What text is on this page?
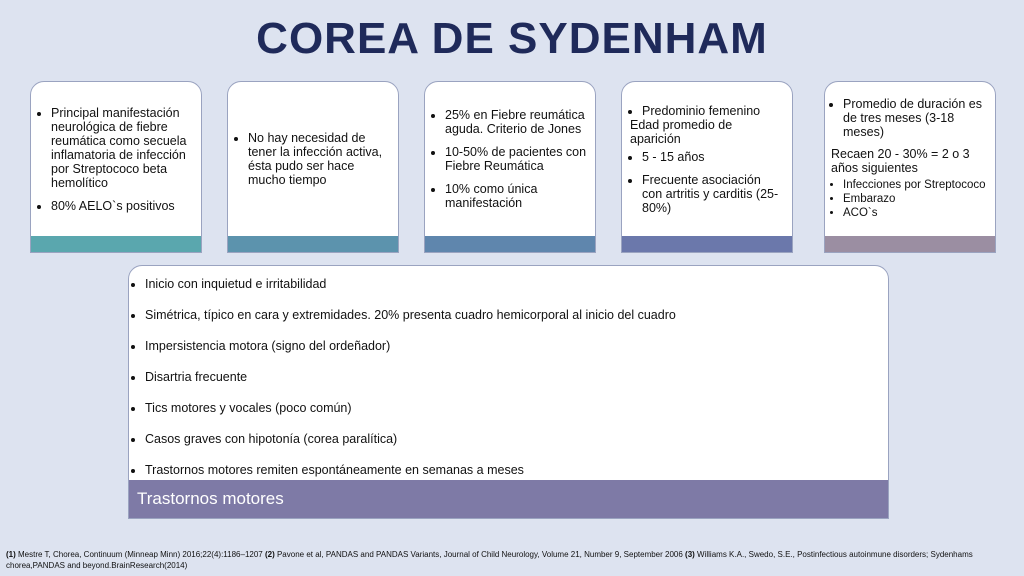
COREA DE SYDENHAM
• Principal manifestación neurológica de fiebre reumática como secuela inflamatoria de infección por Streptococo beta hemolítico
• 80% AELO`s positivos
• No hay necesidad de tener la infección activa, ésta pudo ser hace mucho tiempo
• 25% en Fiebre reumática aguda. Criterio de Jones
• 10-50% de pacientes con Fiebre Reumática
• 10% como única manifestación
• Predominio femenino

Edad promedio de aparición

• 5 - 15 años
• Frecuente asociación con artritis y carditis (25-80%)
• Promedio de duración es de tres meses (3-18 meses)

Recaen 20 - 30% = 2 o 3 años siguientes

• Infecciones por Streptococo
• Embarazo
• ACO`s
• Inicio con inquietud e irritabilidad
• Simétrica, típico en cara y extremidades. 20% presenta cuadro hemicorporal al inicio del cuadro
• Impersistencia motora (signo del ordeñador)
• Disartria frecuente
• Tics motores y vocales (poco común)
• Casos graves con hipotonía (corea paralítica)
• Trastornos motores remiten espontáneamente en semanas a meses
Trastornos motores
(1) Mestre T, Chorea, Continuum (Minneap Minn) 2016;22(4):1186–1207 (2) Pavone et al, PANDAS and PANDAS Variants, Journal of Child Neurology, Volume 21, Number 9, September 2006 (3) Williams K.A., Swedo, S.E., Postinfectious autoinmune disorders; Sydenhams chorea,PANDAS and beyond.BrainResearch(2014)
